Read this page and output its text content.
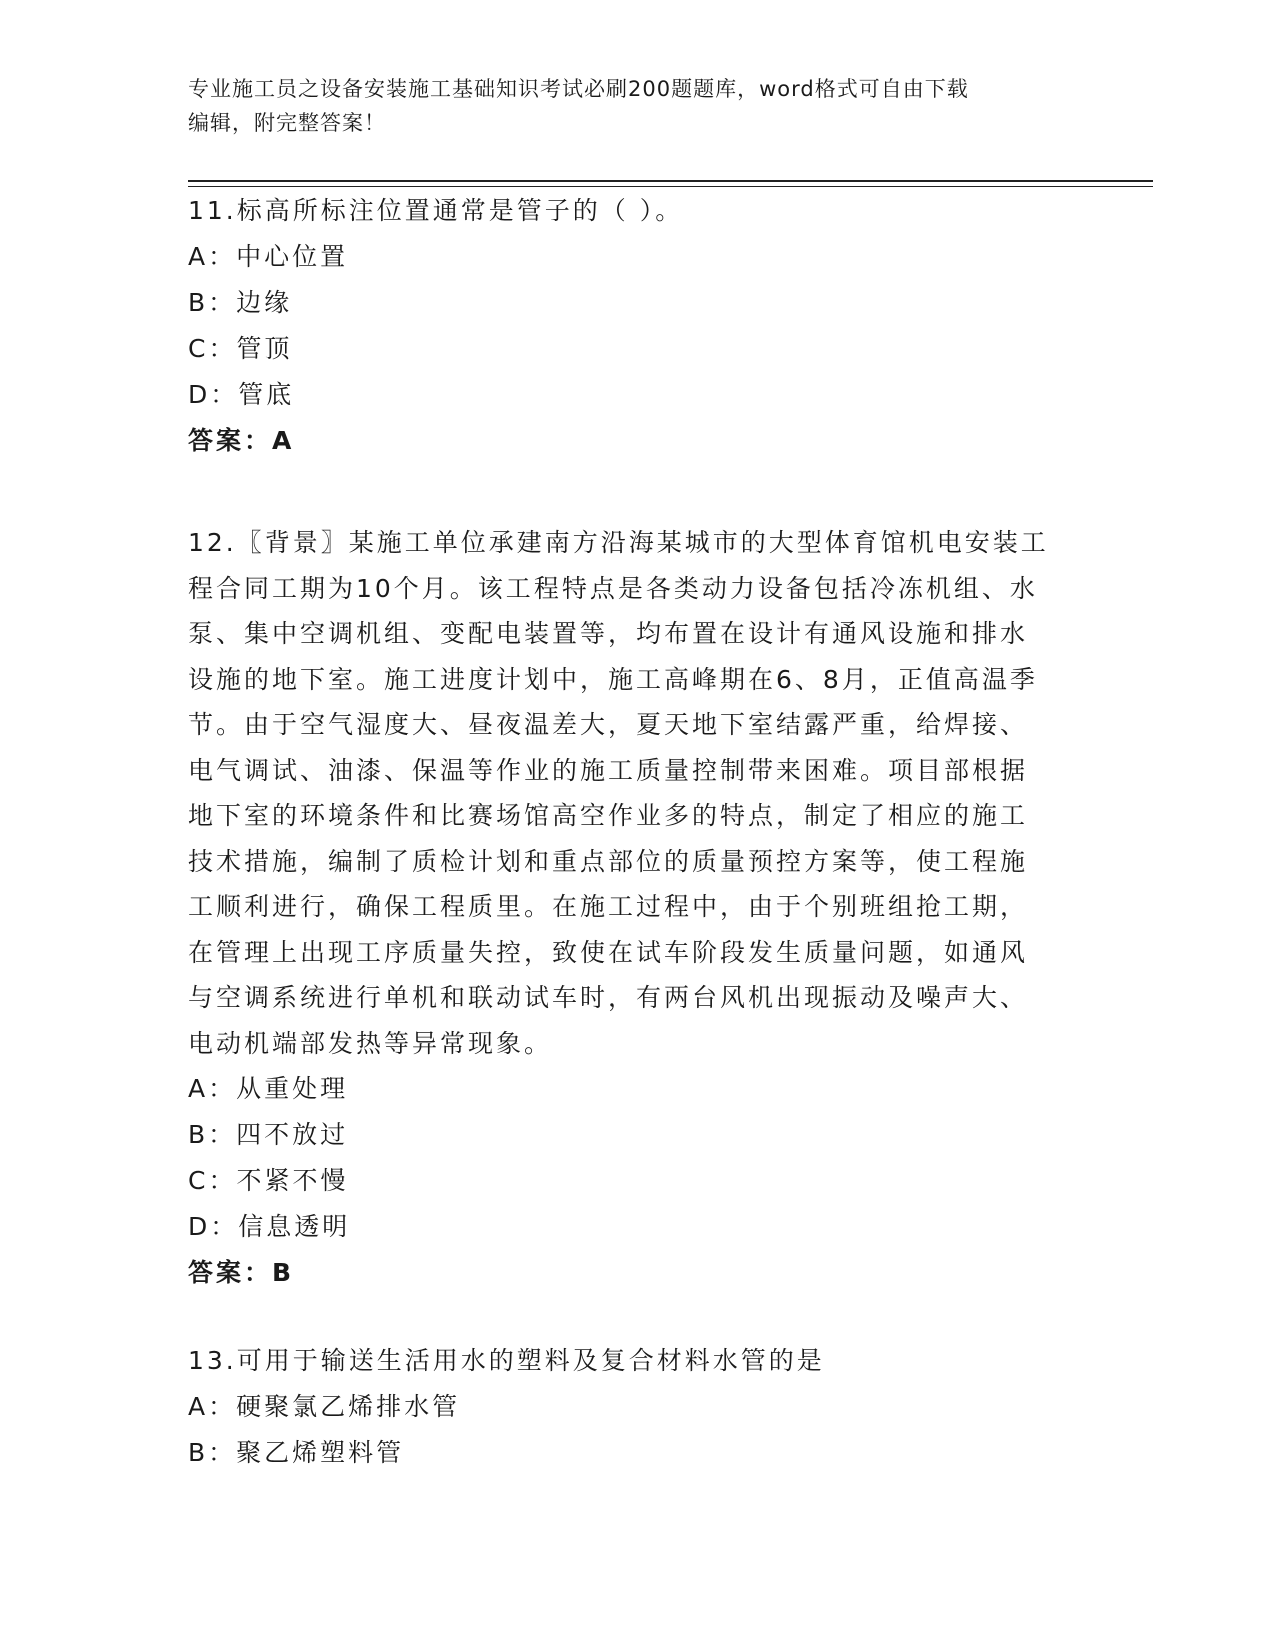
专业施工员之设备安装施工基础知识考试必刷200题题库，word格式可自由下载
编辑，附完整答案！

11.标高所标注位置通常是管子的（ ）。

A：中心位置

B：边缘

C：管顶

D：管底

答案：A

12.〖背景〗某施工单位承建南方沿海某城市的大型体育馆机电安装工

程合同工期为10个月。该工程特点是各类动力设备包括冷冻机组、水

泵、集中空调机组、变配电装置等，均布置在设计有通风设施和排水

设施的地下室。施工进度计划中，施工高峰期在6、8月，正值高温季

节。由于空气湿度大、昼夜温差大，夏天地下室结露严重，给焊接、

电气调试、油漆、保温等作业的施工质量控制带来困难。项目部根据

地下室的环境条件和比赛场馆高空作业多的特点，制定了相应的施工

技术措施，编制了质检计划和重点部位的质量预控方案等，使工程施

工顺利进行，确保工程质里。在施工过程中，由于个别班组抢工期，

在管理上出现工序质量失控，致使在试车阶段发生质量问题，如通风

与空调系统进行单机和联动试车时，有两台风机出现振动及噪声大、

电动机端部发热等异常现象。

A：从重处理

B：四不放过

C：不紧不慢

D：信息透明

答案：B

13.可用于输送生活用水的塑料及复合材料水管的是

A：硬聚氯乙烯排水管

B：聚乙烯塑料管
